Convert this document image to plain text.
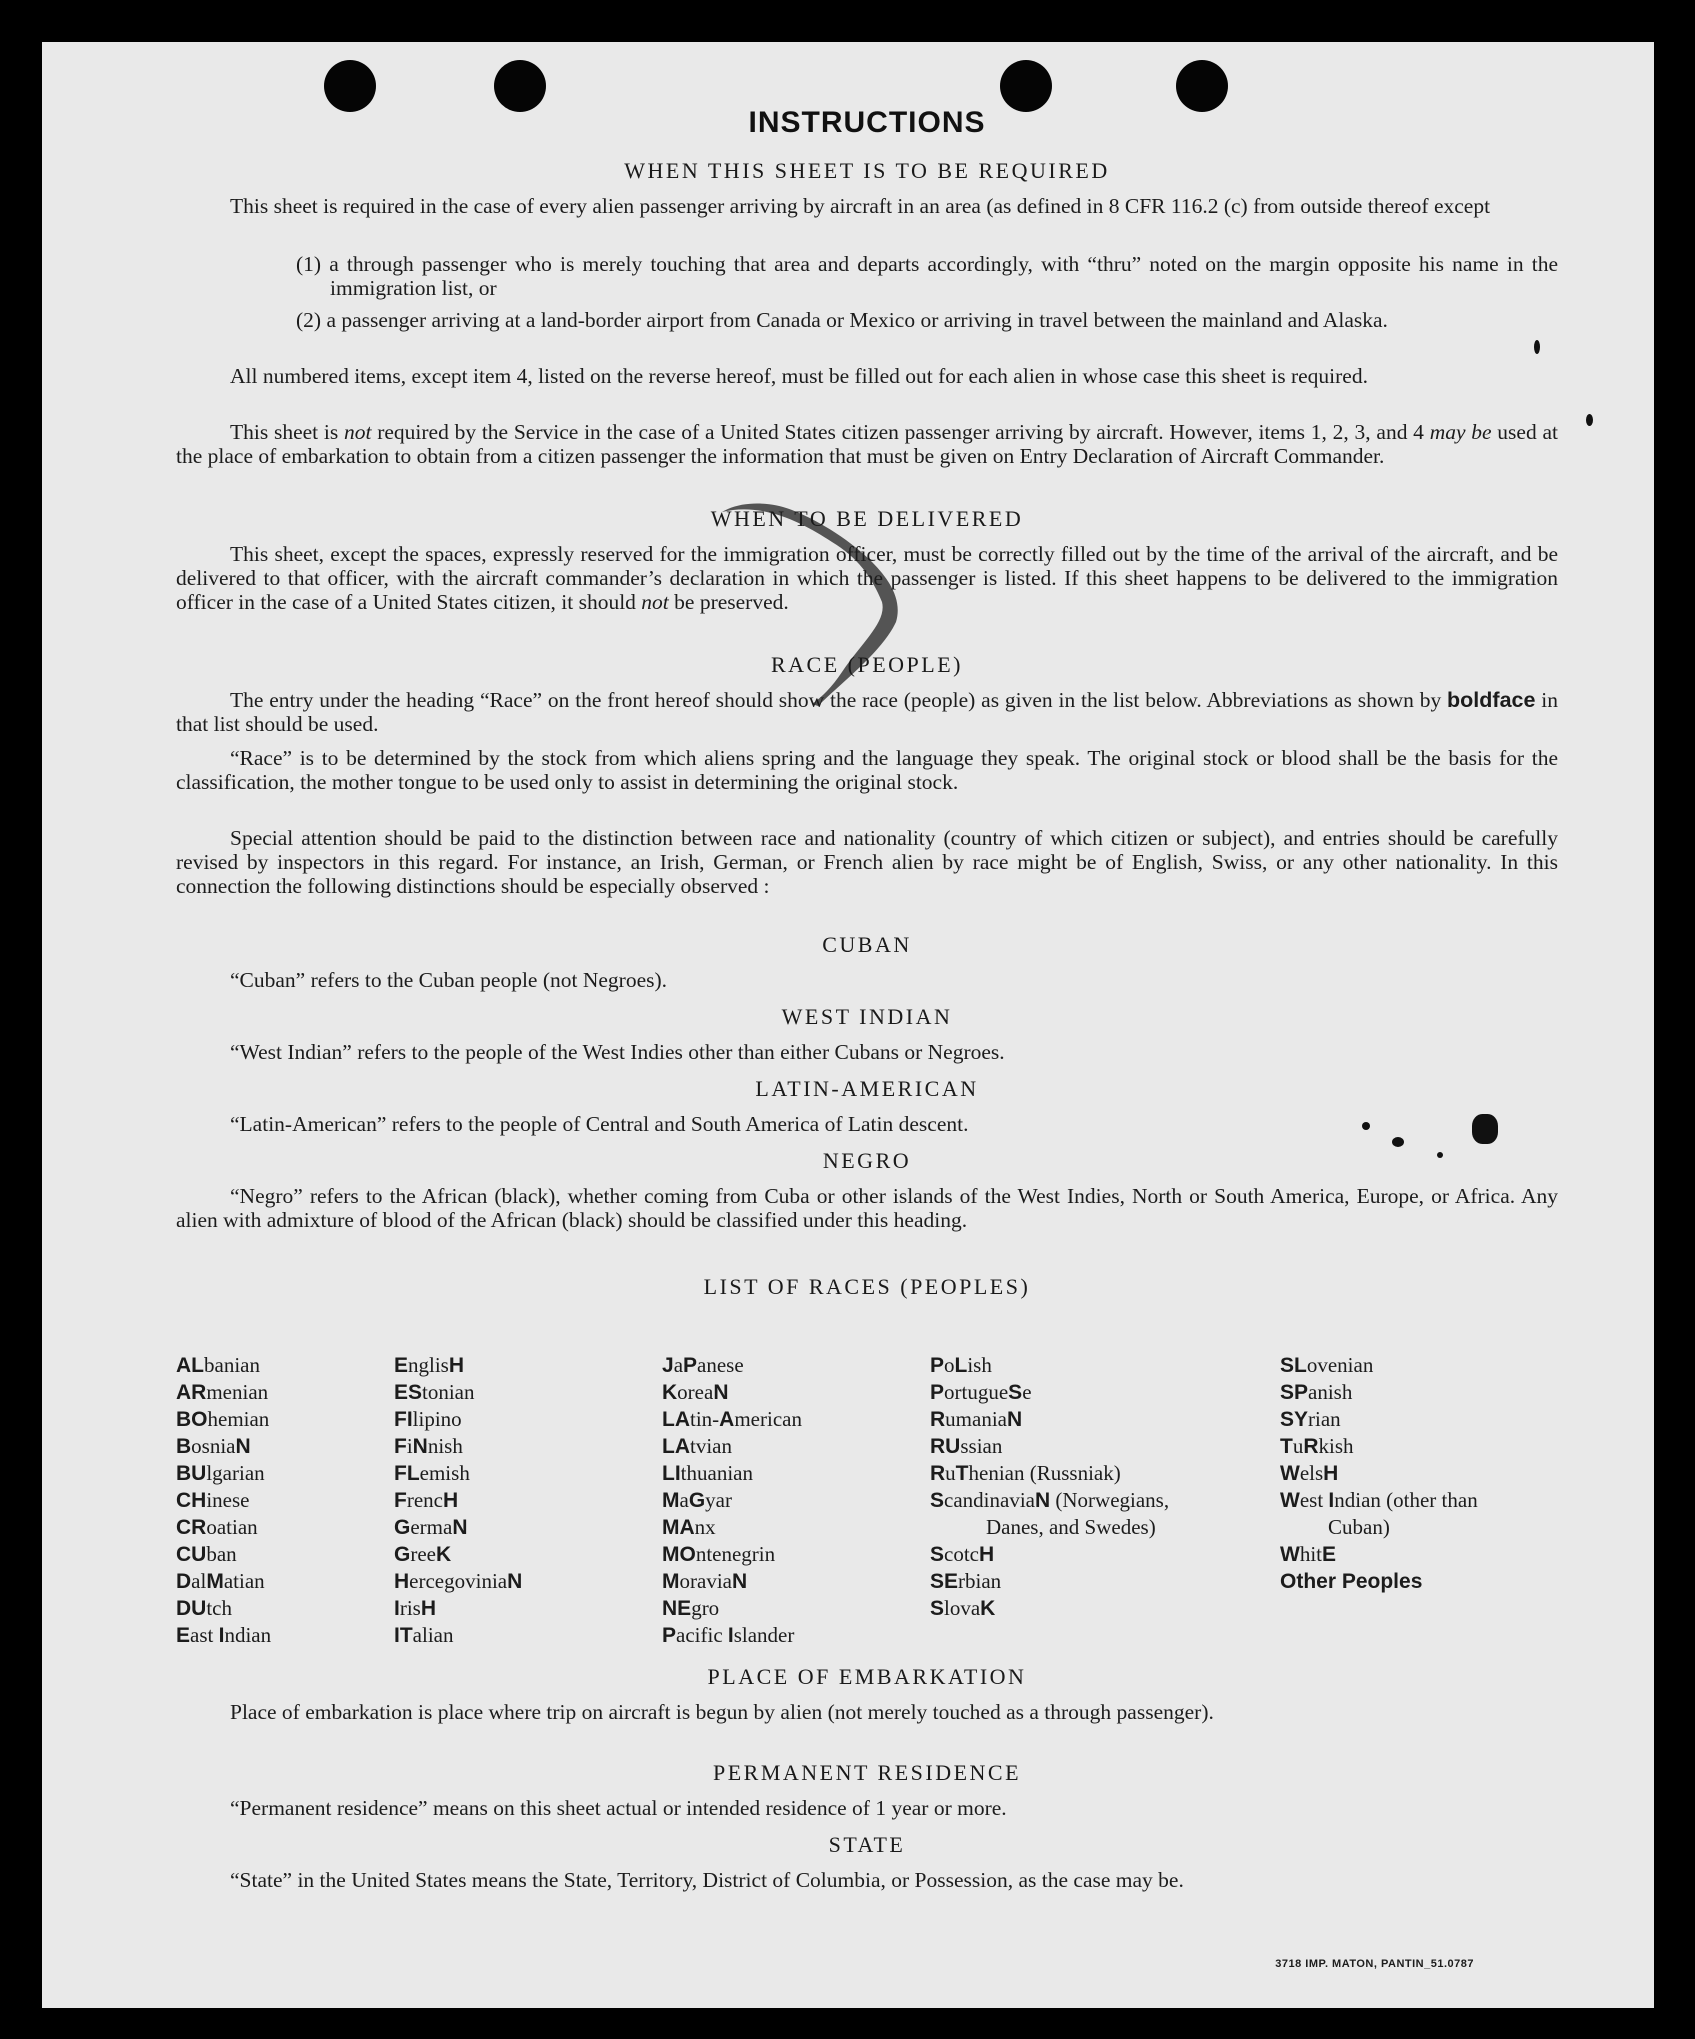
INSTRUCTIONS
WHEN THIS SHEET IS TO BE REQUIRED
This sheet is required in the case of every alien passenger arriving by aircraft in an area (as defined in 8 CFR 116.2 (c) from outside thereof except
(1) a through passenger who is merely touching that area and departs accordingly, with “thru” noted on the margin opposite his name in the immigration list, or
(2) a passenger arriving at a land-border airport from Canada or Mexico or arriving in travel between the mainland and Alaska.
All numbered items, except item 4, listed on the reverse hereof, must be filled out for each alien in whose case this sheet is required.
This sheet is not required by the Service in the case of a United States citizen passenger arriving by aircraft. However, items 1, 2, 3, and 4 may be used at the place of embarkation to obtain from a citizen passenger the information that must be given on Entry Declaration of Aircraft Commander.
WHEN TO BE DELIVERED
This sheet, except the spaces, expressly reserved for the immigration officer, must be correctly filled out by the time of the arrival of the aircraft, and be delivered to that officer, with the aircraft commander’s declaration in which the passenger is listed. If this sheet happens to be delivered to the immigration officer in the case of a United States citizen, it should not be preserved.
RACE (PEOPLE)
The entry under the heading “Race” on the front hereof should show the race (people) as given in the list below. Abbreviations as shown by boldface in that list should be used.
“Race” is to be determined by the stock from which aliens spring and the language they speak. The original stock or blood shall be the basis for the classification, the mother tongue to be used only to assist in determining the original stock.
Special attention should be paid to the distinction between race and nationality (country of which citizen or subject), and entries should be carefully revised by inspectors in this regard. For instance, an Irish, German, or French alien by race might be of English, Swiss, or any other nationality. In this connection the following distinctions should be especially observed :
CUBAN
“Cuban” refers to the Cuban people (not Negroes).
WEST INDIAN
“West Indian” refers to the people of the West Indies other than either Cubans or Negroes.
LATIN-AMERICAN
“Latin-American” refers to the people of Central and South America of Latin descent.
NEGRO
“Negro” refers to the African (black), whether coming from Cuba or other islands of the West Indies, North or South America, Europe, or Africa. Any alien with admixture of blood of the African (black) should be classified under this heading.
LIST OF RACES (PEOPLES)
ALbanian
ARmenian
BOhemian
BosniaN
BUlgarian
CHinese
CRoatian
CUban
DalMatian
DUtch
East Indian
EnglisH
EStonian
FIlipino
FiNnish
FLemish
FrencH
GermaN
GreeK
HercegoviniaN
IrisH
ITalian
JaPanese
KoreaN
LAtin-American
LAtvian
LIthuanian
MaGyar
MAnx
MOntenegrin
MoraviaN
NEgro
Pacific Islander
PoLish
PortugueSe
RumaniaN
RUssian
RuThenian (Russniak)
ScandinaviaN (Norwegians, Danes, and Swedes)
ScotcH
SErbian
SlovaK
SLovenian
SPanish
SYrian
TuRkish
WelsH
West Indian (other than Cuban)
WhitE
Other Peoples
PLACE OF EMBARKATION
Place of embarkation is place where trip on aircraft is begun by alien (not merely touched as a through passenger).
PERMANENT RESIDENCE
“Permanent residence” means on this sheet actual or intended residence of 1 year or more.
STATE
“State” in the United States means the State, Territory, District of Columbia, or Possession, as the case may be.
3718 IMP. MATON, PANTIN_51.0787
